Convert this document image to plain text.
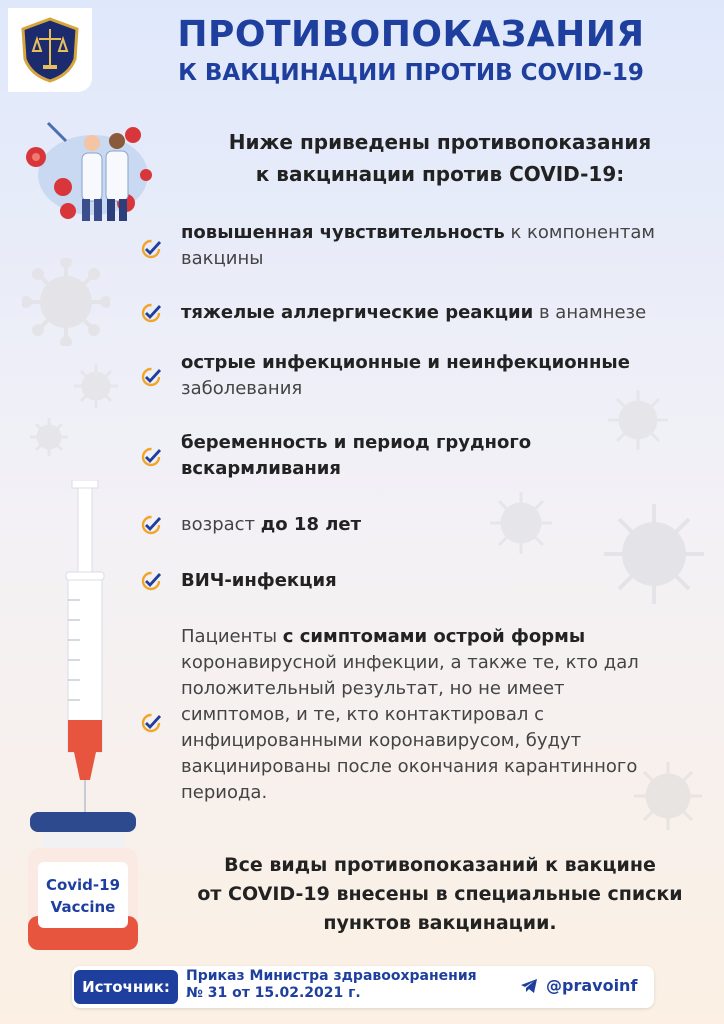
ПРОТИВОПОКАЗАНИЯ
К ВАКЦИНАЦИИ ПРОТИВ COVID-19
Ниже приведены противопоказания
к вакцинации против COVID-19:
Covid-19
Vaccine
повышенная чувствительность к компонентам вакцины
тяжелые аллергические реакции в анамнезе
острые инфекционные и неинфекционные
заболевания
беременность и период грудного вскармливания
возраст до 18 лет
ВИЧ-инфекция
Пациенты с симптомами острой формы
коронавирусной инфекции, а также те, кто дал положительный результат, но не имеет симптомов, и те, кто контактировал с инфицированными коронавирусом, будут вакцинированы после окончания карантинного периода.
Все виды противопоказаний к вакцине
от COVID-19 внесены в специальные списки
пунктов вакцинации.
Источник:
Приказ Министра здравоохранения
№ 31 от 15.02.2021 г.	@pravoinf
